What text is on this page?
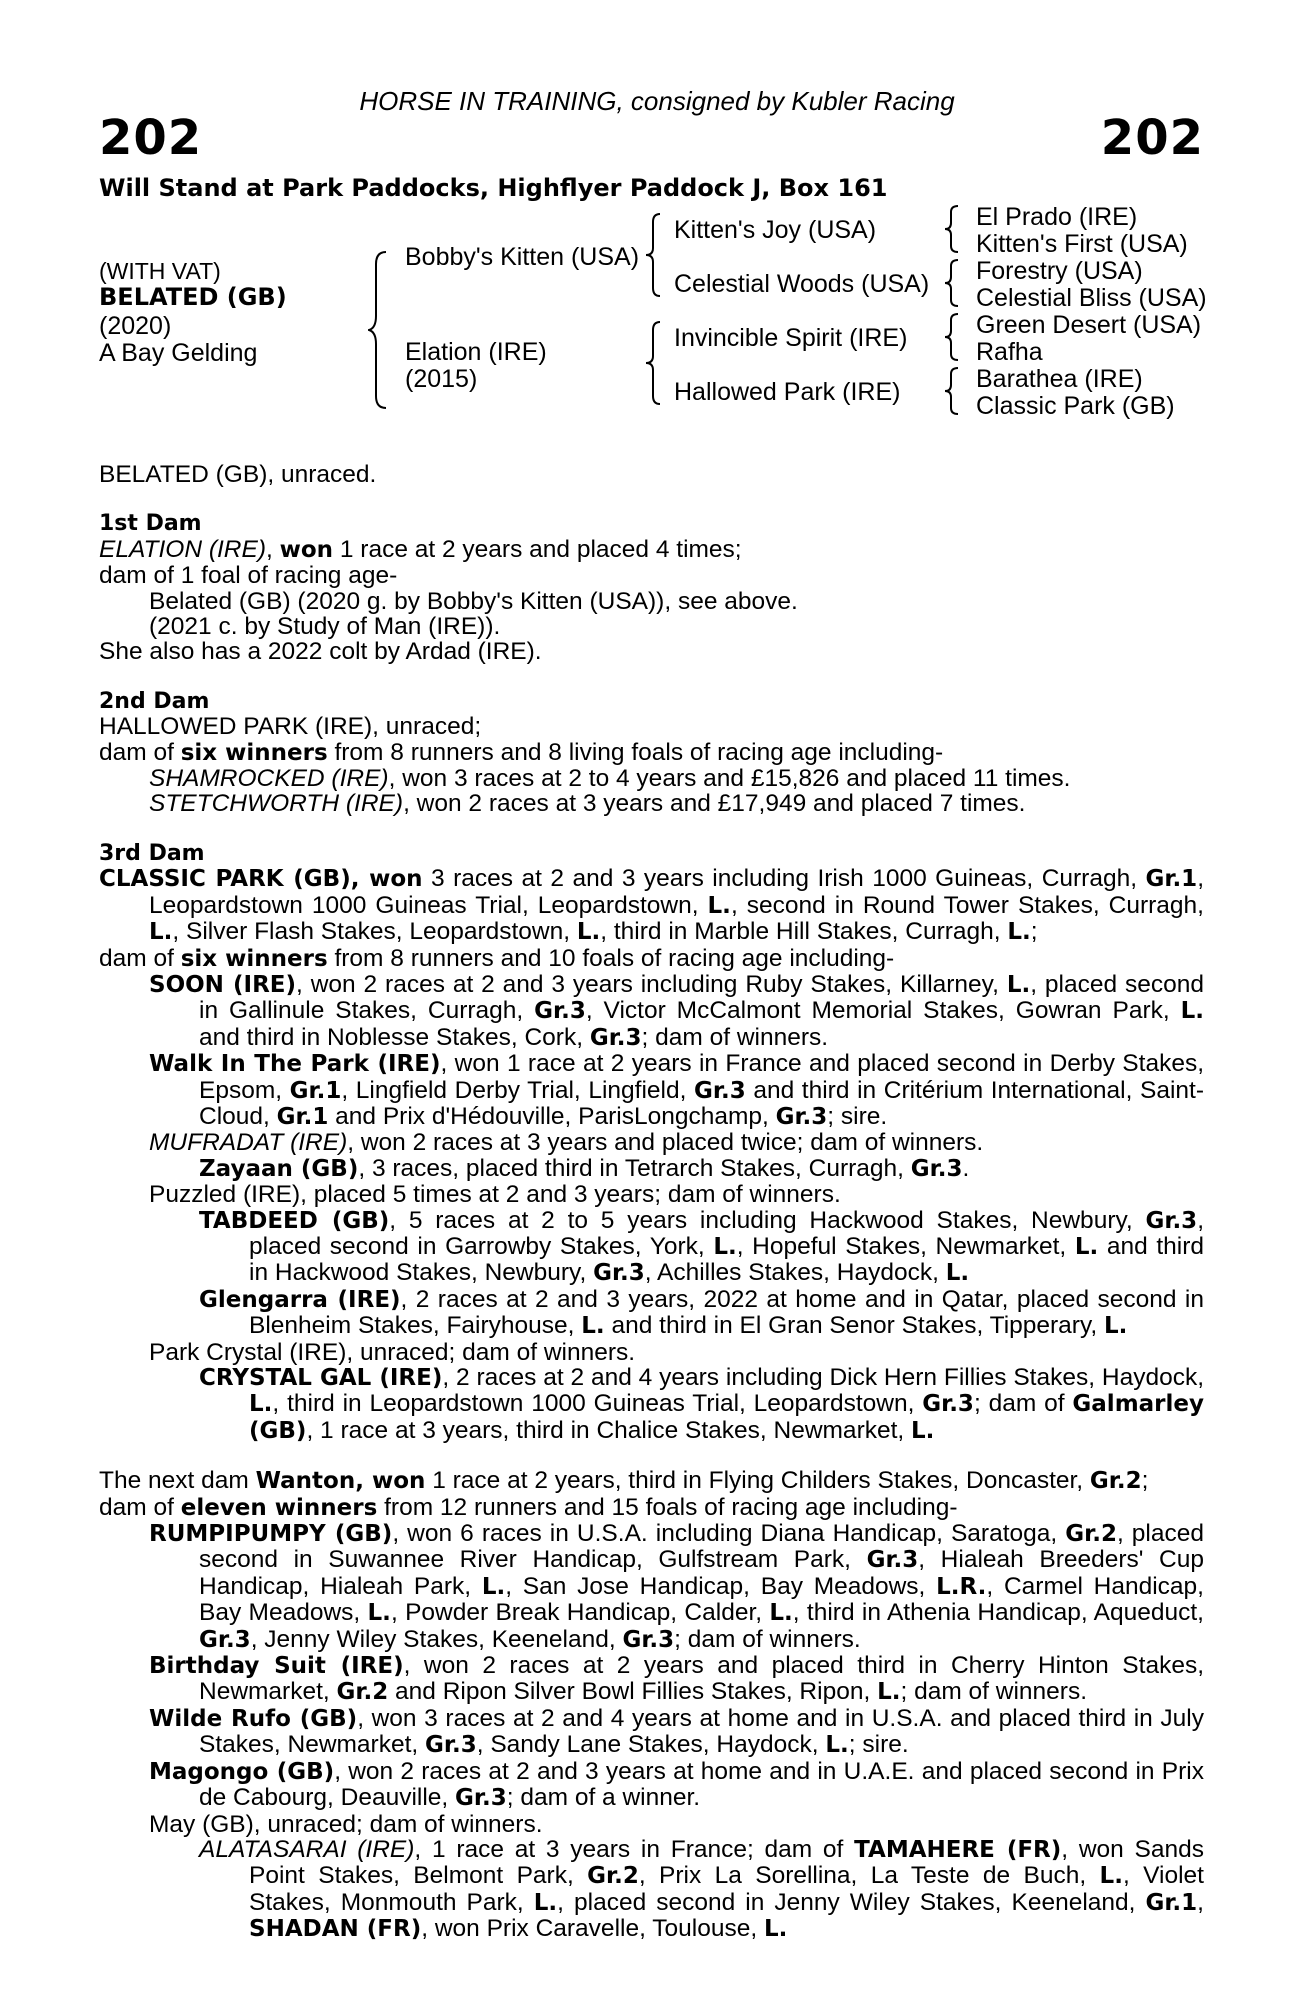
HORSE IN TRAINING, consigned by Kubler Racing
202	202
Will Stand at Park Paddocks, Highflyer Paddock J, Box 161
(WITH VAT)
BELATED (GB)
(2020)
A Bay Gelding
Bobby's Kitten (USA)
Elation (IRE)
(2015)
Kitten's Joy (USA)
Celestial Woods (USA)
Invincible Spirit (IRE)
Hallowed Park (IRE)
El Prado (IRE)
Kitten's First (USA)
Forestry (USA)
Celestial Bliss (USA)
Green Desert (USA)
Rafha
Barathea (IRE)
Classic Park (GB)

BELATED (GB), unraced.

1st Dam

ELATION (IRE), won 1 race at 2 years and placed 4 times;

dam of 1 foal of racing age-

Belated (GB) (2020 g. by Bobby's Kitten (USA)), see above.

(2021 c. by Study of Man (IRE)).

She also has a 2022 colt by Ardad (IRE).

2nd Dam

HALLOWED PARK (IRE), unraced;

dam of six winners from 8 runners and 8 living foals of racing age including-

SHAMROCKED (IRE), won 3 races at 2 to 4 years and £15,826 and placed 11 times.

STETCHWORTH (IRE), won 2 races at 3 years and £17,949 and placed 7 times.

3rd Dam

CLASSIC PARK (GB), won 3 races at 2 and 3 years including Irish 1000 Guineas, Curragh, Gr.1, Leopardstown 1000 Guineas Trial, Leopardstown, L., second in Round Tower Stakes, Curragh, L., Silver Flash Stakes, Leopardstown, L., third in Marble Hill Stakes, Curragh, L.;

dam of six winners from 8 runners and 10 foals of racing age including-

SOON (IRE), won 2 races at 2 and 3 years including Ruby Stakes, Killarney, L., placed second in Gallinule Stakes, Curragh, Gr.3, Victor McCalmont Memorial Stakes, Gowran Park, L. and third in Noblesse Stakes, Cork, Gr.3; dam of winners.

Walk In The Park (IRE), won 1 race at 2 years in France and placed second in Derby Stakes, Epsom, Gr.1, Lingfield Derby Trial, Lingfield, Gr.3 and third in Critérium International, Saint-Cloud, Gr.1 and Prix d'Hédouville, ParisLongchamp, Gr.3; sire.

MUFRADAT (IRE), won 2 races at 3 years and placed twice; dam of winners.

Zayaan (GB), 3 races, placed third in Tetrarch Stakes, Curragh, Gr.3.

Puzzled (IRE), placed 5 times at 2 and 3 years; dam of winners.

TABDEED (GB), 5 races at 2 to 5 years including Hackwood Stakes, Newbury, Gr.3, placed second in Garrowby Stakes, York, L., Hopeful Stakes, Newmarket, L. and third in Hackwood Stakes, Newbury, Gr.3, Achilles Stakes, Haydock, L.

Glengarra (IRE), 2 races at 2 and 3 years, 2022 at home and in Qatar, placed second in Blenheim Stakes, Fairyhouse, L. and third in El Gran Senor Stakes, Tipperary, L.

Park Crystal (IRE), unraced; dam of winners.

CRYSTAL GAL (IRE), 2 races at 2 and 4 years including Dick Hern Fillies Stakes, Haydock, L., third in Leopardstown 1000 Guineas Trial, Leopardstown, Gr.3; dam of Galmarley (GB), 1 race at 3 years, third in Chalice Stakes, Newmarket, L.

The next dam Wanton, won 1 race at 2 years, third in Flying Childers Stakes, Doncaster, Gr.2;

dam of eleven winners from 12 runners and 15 foals of racing age including-

RUMPIPUMPY (GB), won 6 races in U.S.A. including Diana Handicap, Saratoga, Gr.2, placed second in Suwannee River Handicap, Gulfstream Park, Gr.3, Hialeah Breeders' Cup Handicap, Hialeah Park, L., San Jose Handicap, Bay Meadows, L.R., Carmel Handicap, Bay Meadows, L., Powder Break Handicap, Calder, L., third in Athenia Handicap, Aqueduct, Gr.3, Jenny Wiley Stakes, Keeneland, Gr.3; dam of winners.

Birthday Suit (IRE), won 2 races at 2 years and placed third in Cherry Hinton Stakes, Newmarket, Gr.2 and Ripon Silver Bowl Fillies Stakes, Ripon, L.; dam of winners.

Wilde Rufo (GB), won 3 races at 2 and 4 years at home and in U.S.A. and placed third in July Stakes, Newmarket, Gr.3, Sandy Lane Stakes, Haydock, L.; sire.

Magongo (GB), won 2 races at 2 and 3 years at home and in U.A.E. and placed second in Prix de Cabourg, Deauville, Gr.3; dam of a winner.

May (GB), unraced; dam of winners.

ALATASARAI (IRE), 1 race at 3 years in France; dam of TAMAHERE (FR), won Sands Point Stakes, Belmont Park, Gr.2, Prix La Sorellina, La Teste de Buch, L., Violet Stakes, Monmouth Park, L., placed second in Jenny Wiley Stakes, Keeneland, Gr.1, SHADAN (FR), won Prix Caravelle, Toulouse, L.
